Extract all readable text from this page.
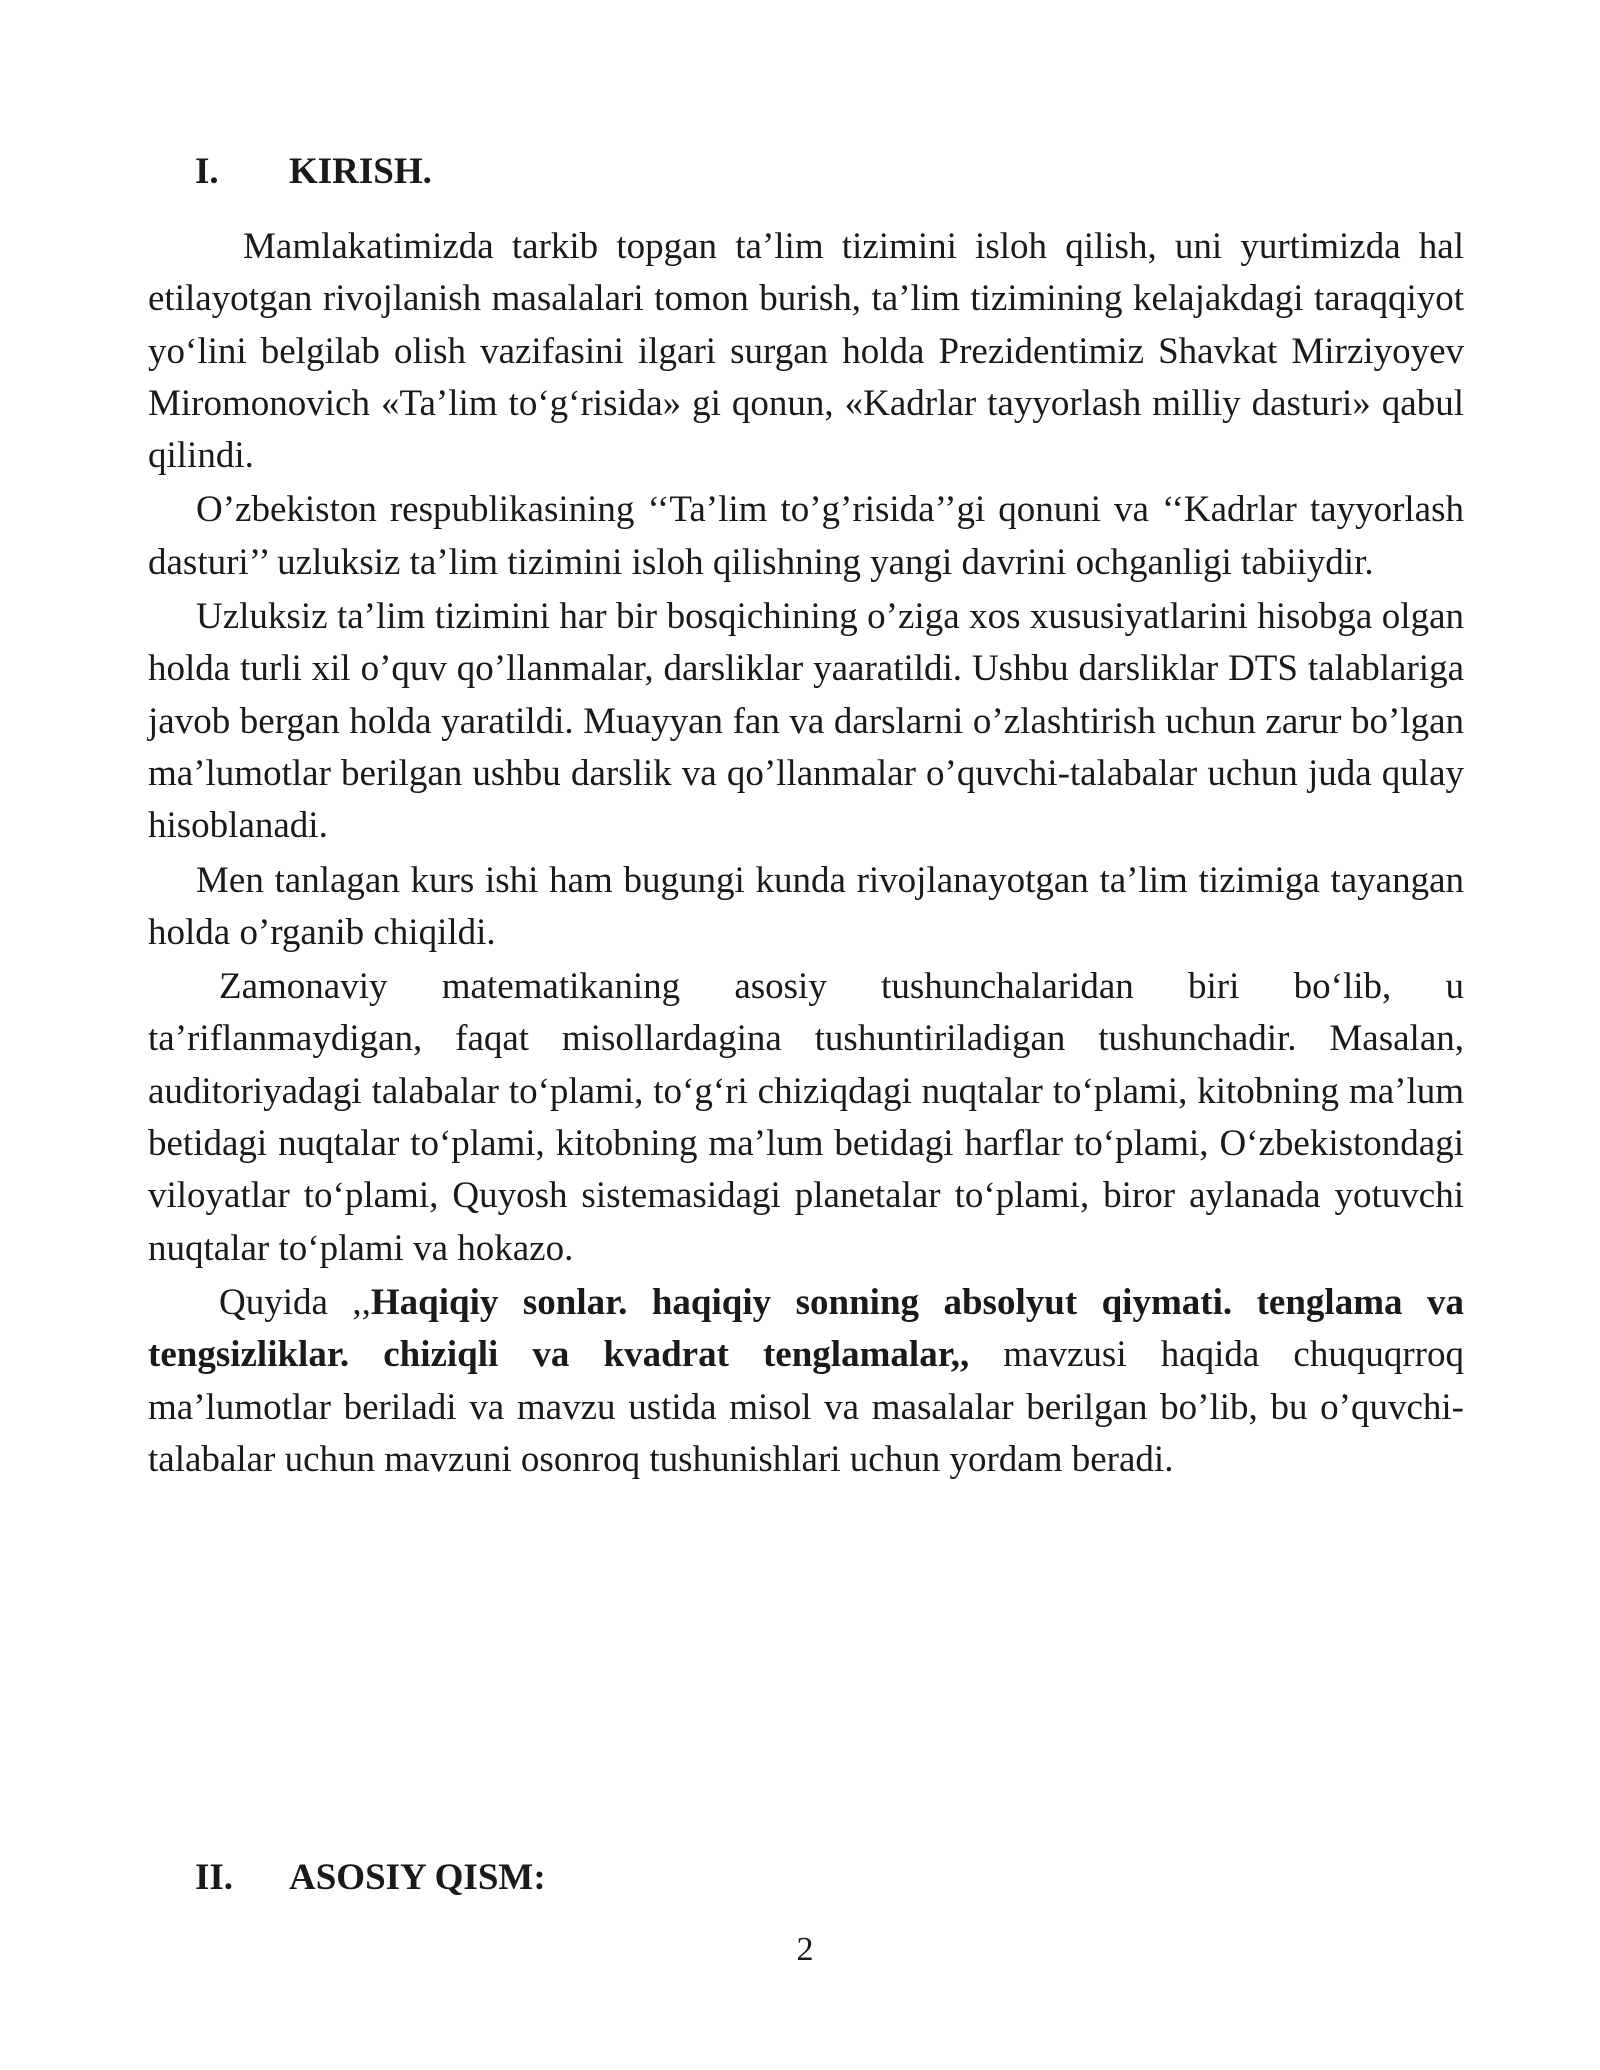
I. KIRISH.

Mamlakatimizda tarkib topgan ta’lim tizimini isloh qilish, uni yurtimizda hal etilayotgan rivojlanish masalalari tomon burish, ta’lim tizimining kelajakdagi taraqqiyot yo‘lini belgilab olish vazifasini ilgari surgan holda Prezidentimiz Shavkat Mirziyoyev Miromonovich «Ta’lim to‘g‘risida» gi qonun, «Kadrlar tayyorlash milliy dasturi» qabul qilindi.

O’zbekiston respublikasining ‘‘Ta’lim to’g’risida’’gi qonuni va ‘‘Kadrlar tayyorlash dasturi’’ uzluksiz ta’lim tizimini isloh qilishning yangi davrini ochganligi tabiiydir.

Uzluksiz ta’lim tizimini har bir bosqichining o’ziga xos xususiyatlarini hisobga olgan holda turli xil o’quv qo’llanmalar, darsliklar yaaratildi. Ushbu darsliklar DTS talablariga javob bergan holda yaratildi. Muayyan fan va darslarni o’zlashtirish uchun zarur bo’lgan ma’lumotlar berilgan ushbu darslik va qo’llanmalar o’quvchi-talabalar uchun juda qulay hisoblanadi.

Men tanlagan kurs ishi ham bugungi kunda rivojlanayotgan ta’lim tizimiga tayangan holda o’rganib chiqildi.

Zamonaviy matematikaning asosiy tushunchalaridan biri bo‘lib, u ta’riflanmaydigan, faqat misollardagina tushuntiriladigan tushunchadir. Masalan, auditoriyadagi talabalar to‘plami, to‘g‘ri chiziqdagi nuqtalar to‘plami, kitobning ma’lum betidagi nuqtalar to‘plami, kitobning ma’lum betidagi harflar to‘plami, O‘zbekistondagi viloyatlar to‘plami, Quyosh sistemasidagi planetalar to‘plami, biror aylanada yotuvchi nuqtalar to‘plami va hokazo.

Quyida ,,Haqiqiy sonlar. haqiqiy sonning absolyut qiymati. tenglama va tengsizliklar. chiziqli va kvadrat tenglamalar,, mavzusi haqida chuquqrroq ma’lumotlar beriladi va mavzu ustida misol va masalalar berilgan bo’lib, bu o’quvchi-talabalar uchun mavzuni osonroq tushunishlari uchun yordam beradi.

II. ASOSIY QISM:
2
